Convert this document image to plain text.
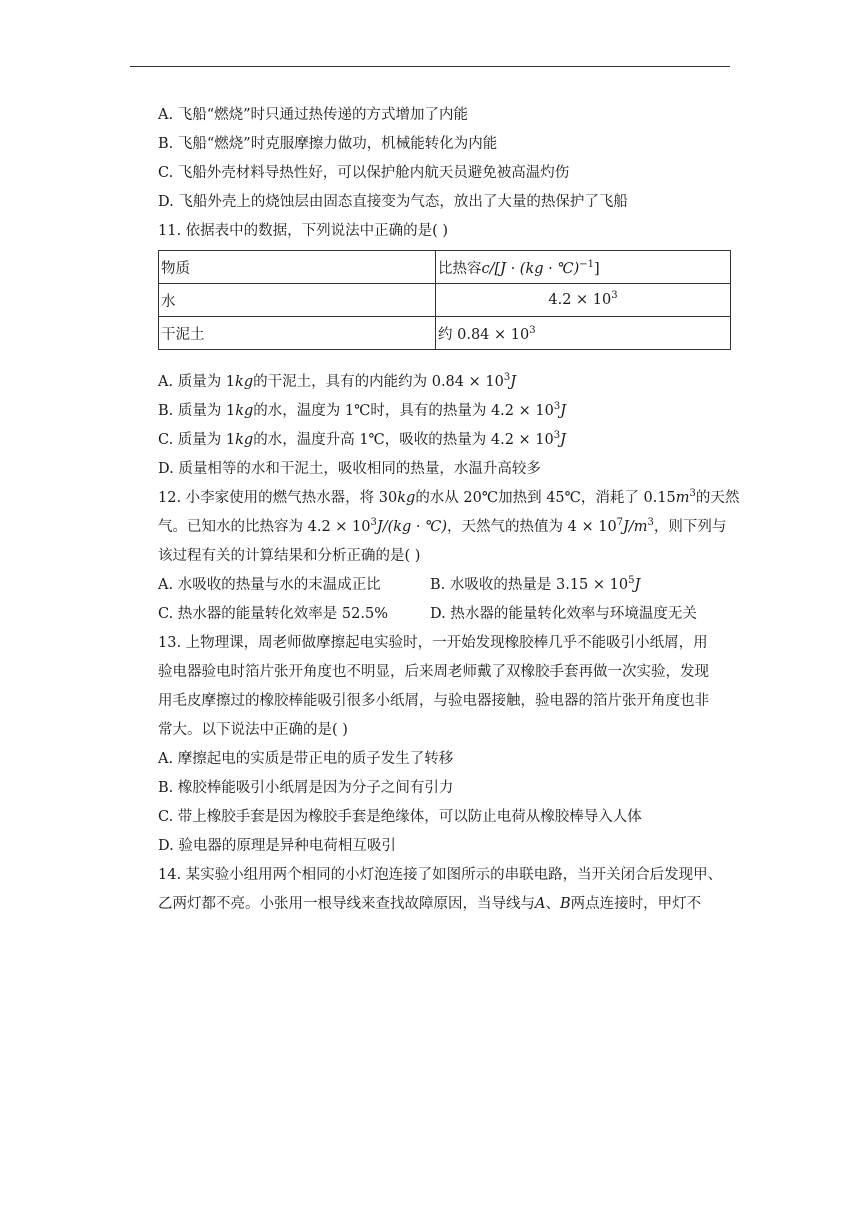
A. 飞船“燃烧”时只通过热传递的方式增加了内能
B. 飞船“燃烧”时克服摩擦力做功，机械能转化为内能
C. 飞船外壳材料导热性好，可以保护舱内航天员避免被高温灼伤
D. 飞船外壳上的烧蚀层由固态直接变为气态，放出了大量的热保护了飞船
11. 依据表中的数据，下列说法中正确的是( )
物质	比热容c/[J · (kg · ℃)$^{-1}$]
水	$4.2 \times 10^3$
干泥土	约 $0.84 \times 10^3$
A. 质量为 1kg的干泥土，具有的内能约为 $0.84 \times 10^3J$
B. 质量为 1kg的水，温度为 1℃时，具有的热量为 $4.2 \times 10^3J$
C. 质量为 1kg的水，温度升高 1℃，吸收的热量为 $4.2 \times 10^3J$
D. 质量相等的水和干泥土，吸收相同的热量，水温升高较多
12. 小李家使用的燃气热水器，将 30kg的水从 20℃加热到 45℃，消耗了 $0.15m^3$的天然
气。已知水的比热容为 $4.2 \times 10^3J/(kg$ · ℃)，天然气的热值为 $4 \times 10^7J/m^3$，则下列与
该过程有关的计算结果和分析正确的是( )
A. 水吸收的热量与水的末温成正比	B. 水吸收的热量是 $3.15 \times 10^5J$
C. 热水器的能量转化效率是 52.5%	D. 热水器的能量转化效率与环境温度无关
13. 上物理课，周老师做摩擦起电实验时，一开始发现橡胶棒几乎不能吸引小纸屑，用
验电器验电时箔片张开角度也不明显，后来周老师戴了双橡胶手套再做一次实验，发现
用毛皮摩擦过的橡胶棒能吸引很多小纸屑，与验电器接触，验电器的箔片张开角度也非
常大。以下说法中正确的是( )
A. 摩擦起电的实质是带正电的质子发生了转移
B. 橡胶棒能吸引小纸屑是因为分子之间有引力
C. 带上橡胶手套是因为橡胶手套是绝缘体，可以防止电荷从橡胶棒导入人体
D. 验电器的原理是异种电荷相互吸引
14. 某实验小组用两个相同的小灯泡连接了如图所示的串联电路，当开关闭合后发现甲、
乙两灯都不亮。小张用一根导线来查找故障原因，当导线与A、B两点连接时，甲灯不
